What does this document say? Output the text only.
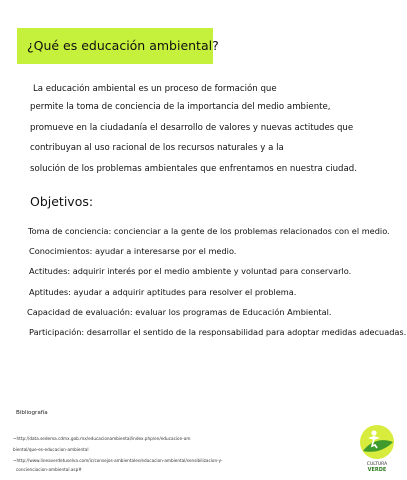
¿Qué es educación ambiental?
La educación ambiental es un proceso de formación que
permite la toma de conciencia de la importancia del medio ambiente,
promueve en la ciudadanía el desarrollo de valores y nuevas actitudes que
contribuyan al uso racional de los recursos naturales y a la
solución de los problemas ambientales que enfrentamos en nuestra ciudad.
Objetivos:
Toma de conciencia: concienciar a la gente de los problemas relacionados con el medio.
Conocimientos: ayudar a interesarse por el medio.
Actitudes: adquirir interés por el medio ambiente y voluntad para conservarlo.
Aptitudes: ayudar a adquirir aptitudes para resolver el problema.
Capacidad de evaluación: evaluar los programas de Educación Ambiental.
Participación: desarrollar el sentido de la responsabilidad para adoptar medidas adecuadas.
Bibliografía
~http://data.sedema.cdmx.gob.mx/educacionambiental/index.php/en/educacion-am
biental/que-es-educacion-ambiental
~http://www.lineaverdetuselva.com/ic/consejos-ambientales/educacion-ambiental/sensibilizacion-y-
concienciacion-ambiental.asp#
CULTURA
VERDE
